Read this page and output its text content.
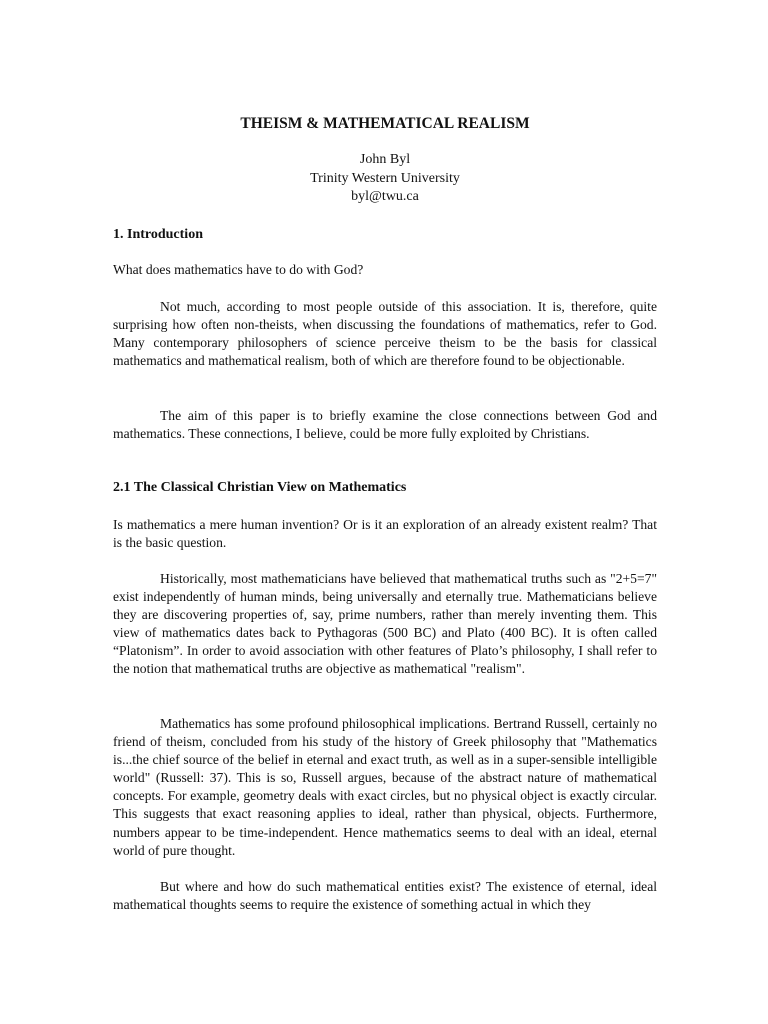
THEISM & MATHEMATICAL REALISM
John Byl
Trinity Western University
byl@twu.ca
1. Introduction

What does mathematics have to do with God?

Not much, according to most people outside of this association. It is, therefore, quite surprising how often non-theists, when discussing the foundations of mathematics, refer to God. Many contemporary philosophers of science perceive theism to be the basis for classical mathematics and mathematical realism, both of which are therefore found to be objectionable.

The aim of this paper is to briefly examine the close connections between God and mathematics. These connections, I believe, could be more fully exploited by Christians.

2.1 The Classical Christian View on Mathematics

Is mathematics a mere human invention? Or is it an exploration of an already existent realm? That is the basic question.

Historically, most mathematicians have believed that mathematical truths such as "2+5=7" exist independently of human minds, being universally and eternally true. Mathematicians believe they are discovering properties of, say, prime numbers, rather than merely inventing them. This view of mathematics dates back to Pythagoras (500 BC) and Plato (400 BC). It is often called “Platonism”. In order to avoid association with other features of Plato’s philosophy, I shall refer to the notion that mathematical truths are objective as mathematical "realism".

Mathematics has some profound philosophical implications. Bertrand Russell, certainly no friend of theism, concluded from his study of the history of Greek philosophy that "Mathematics is...the chief source of the belief in eternal and exact truth, as well as in a super-sensible intelligible world" (Russell: 37). This is so, Russell argues, because of the abstract nature of mathematical concepts. For example, geometry deals with exact circles, but no physical object is exactly circular. This suggests that exact reasoning applies to ideal, rather than physical, objects. Furthermore, numbers appear to be time-independent. Hence mathematics seems to deal with an ideal, eternal world of pure thought.

But where and how do such mathematical entities exist? The existence of eternal, ideal mathematical thoughts seems to require the existence of something actual in which they
